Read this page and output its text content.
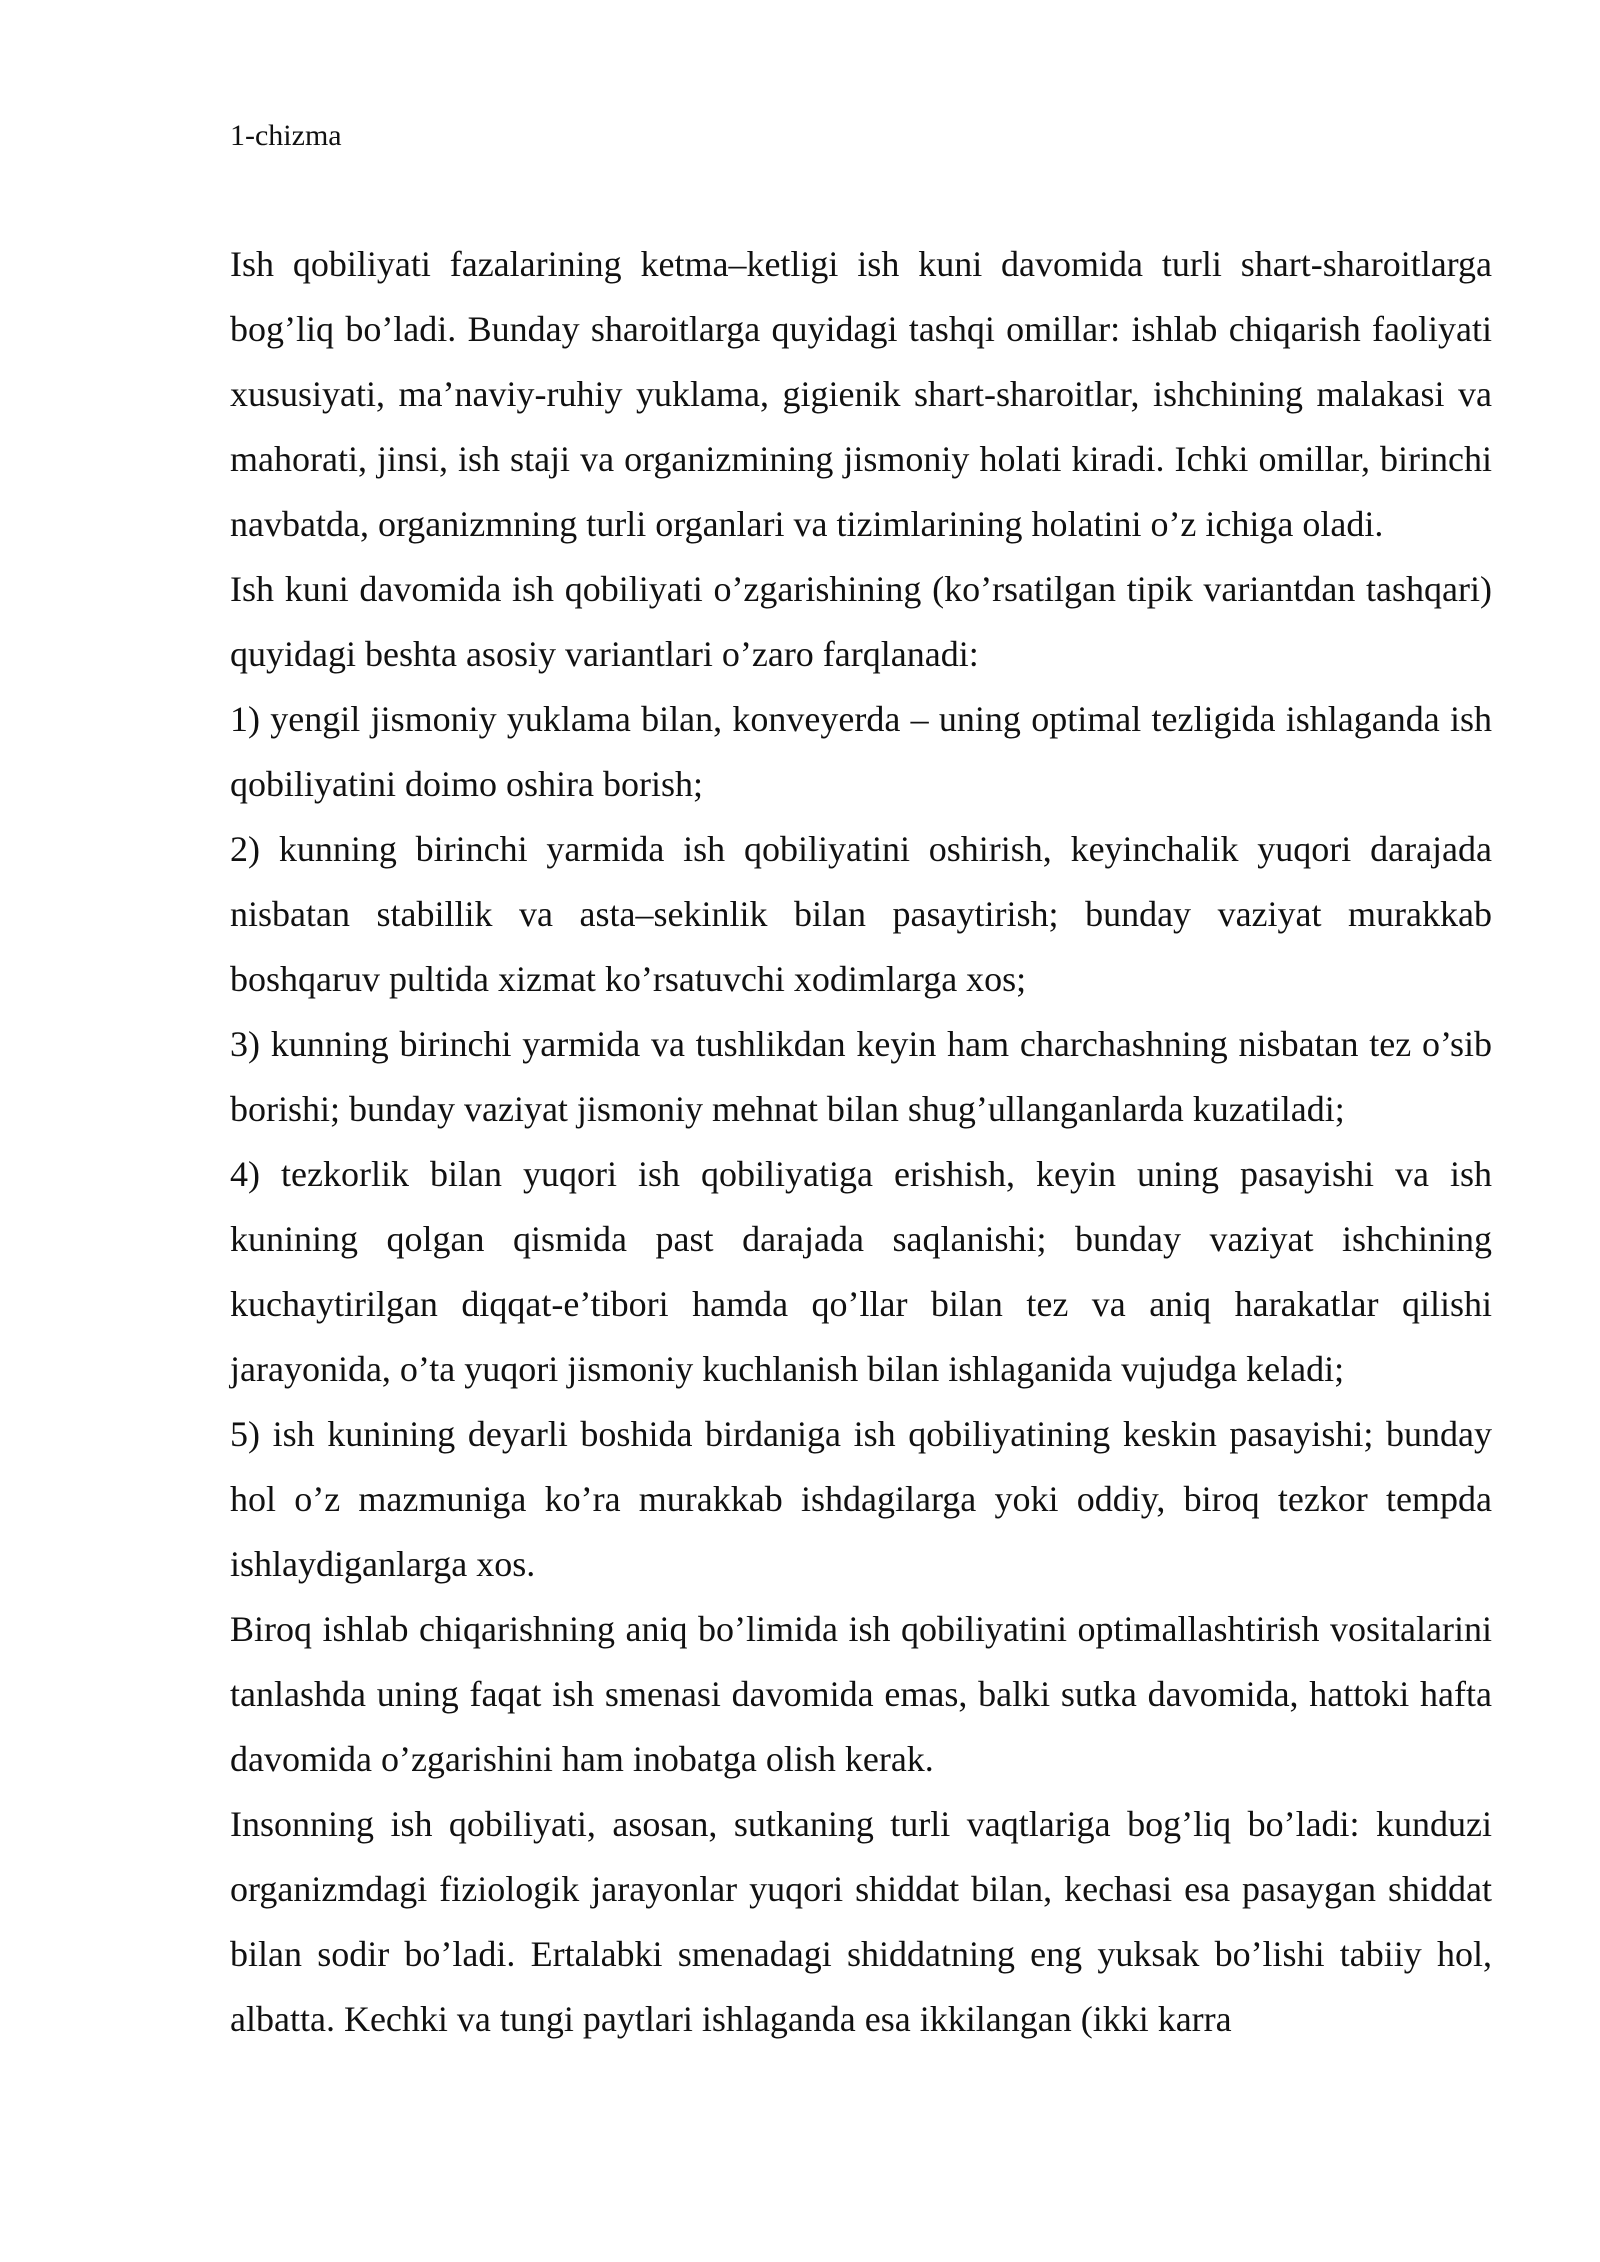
1-chizma

Ish qobiliyati fazalarining ketma–ketligi ish kuni davomida turli shart-sharoitlarga bog’liq bo’ladi. Bunday sharoitlarga quyidagi tashqi omillar: ishlab chiqarish faoliyati xususiyati, ma’naviy-ruhiy yuklama, gigienik shart-sharoitlar, ishchining malakasi va mahorati, jinsi, ish staji va organizmining jismoniy holati kiradi. Ichki omillar, birinchi navbatda, organizmning turli organlari va tizimlarining holatini o’z ichiga oladi.

Ish kuni davomida ish qobiliyati o’zgarishining (ko’rsatilgan tipik variantdan tashqari) quyidagi beshta asosiy variantlari o’zaro farqlanadi:

1) yengil jismoniy yuklama bilan, konveyerda – uning optimal tezligida ishlaganda ish qobiliyatini doimo oshira borish;

2) kunning birinchi yarmida ish qobiliyatini oshirish, keyinchalik yuqori darajada nisbatan stabillik va asta–sekinlik bilan pasaytirish; bunday vaziyat murakkab boshqaruv pultida xizmat ko’rsatuvchi xodimlarga xos;

3) kunning birinchi yarmida va tushlikdan keyin ham charchashning nisbatan tez o’sib borishi; bunday vaziyat jismoniy mehnat bilan shug’ullanganlarda kuzatiladi;

4) tezkorlik bilan yuqori ish qobiliyatiga erishish, keyin uning pasayishi va ish kunining qolgan qismida past darajada saqlanishi; bunday vaziyat ishchining kuchaytirilgan diqqat-e’tibori hamda qo’llar bilan tez va aniq harakatlar qilishi jarayonida, o’ta yuqori jismoniy kuchlanish bilan ishlaganida vujudga keladi;

5) ish kunining deyarli boshida birdaniga ish qobiliyatining keskin pasayishi; bunday hol o’z mazmuniga ko’ra murakkab ishdagilarga yoki oddiy, biroq tezkor tempda ishlaydiganlarga xos.

Biroq ishlab chiqarishning aniq bo’limida ish qobiliyatini optimallashtirish vositalarini tanlashda uning faqat ish smenasi davomida emas, balki sutka davomida, hattoki hafta davomida o’zgarishini ham inobatga olish kerak.

Insonning ish qobiliyati, asosan, sutkaning turli vaqtlariga bog’liq bo’ladi: kunduzi organizmdagi fiziologik jarayonlar yuqori shiddat bilan, kechasi esa pasaygan shiddat bilan sodir bo’ladi. Ertalabki smenadagi shiddatning eng yuksak bo’lishi tabiiy hol, albatta. Kechki va tungi paytlari ishlaganda esa ikkilangan (ikki karra
